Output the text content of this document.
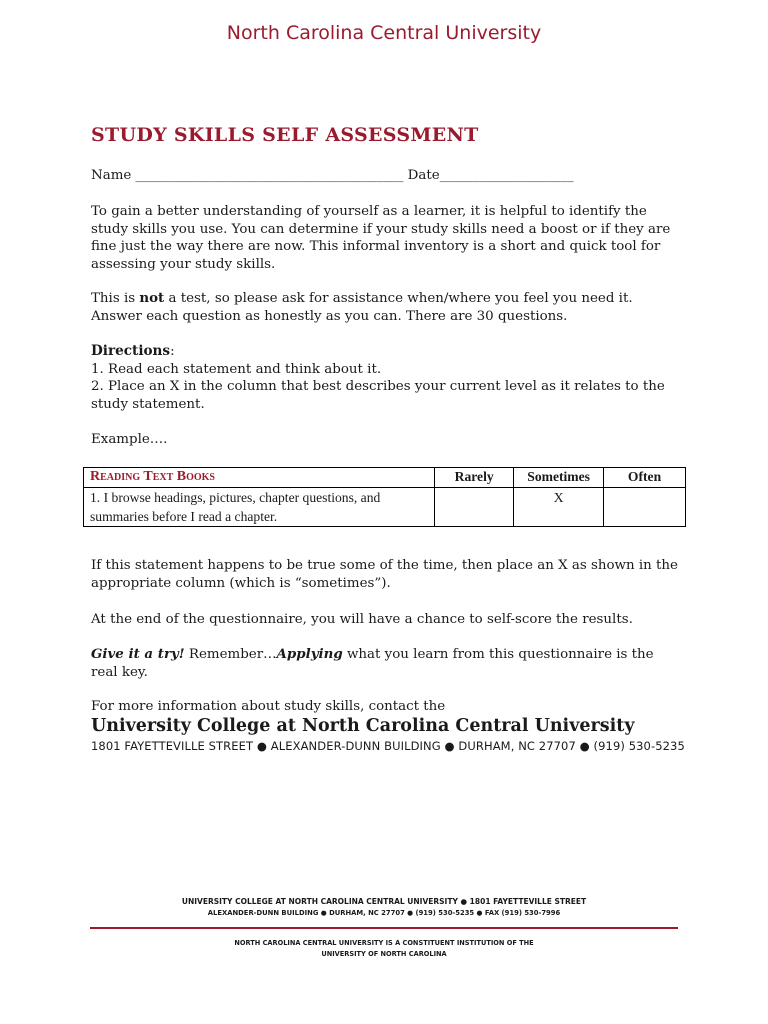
North Carolina Central University
STUDY SKILLS SELF ASSESSMENT
Name ________________________________________ Date____________________
To gain a better understanding of yourself as a learner, it is helpful to identify the study skills you use. You can determine if your study skills need a boost or if they are fine just the way there are now. This informal inventory is a short and quick tool for assessing your study skills.
This is not a test, so please ask for assistance when/where you feel you need it. Answer each question as honestly as you can. There are 30 questions.
Directions:
1. Read each statement and think about it.
2. Place an X in the column that best describes your current level as it relates to the study statement.
Example….
Reading Text Books	Rarely	Sometimes	Often
1. I browse headings, pictures, chapter questions, and summaries before I read a chapter.		X	
If this statement happens to be true some of the time, then place an X as shown in the appropriate column (which is “sometimes”).
At the end of the questionnaire, you will have a chance to self-score the results.
Give it a try! Remember…Applying what you learn from this questionnaire is the real key.
For more information about study skills, contact the
University College at North Carolina Central University
1801 FAYETTEVILLE STREET ● ALEXANDER-DUNN BUILDING ● DURHAM, NC 27707 ● (919) 530-5235
UNIVERSITY COLLEGE AT NORTH CAROLINA CENTRAL UNIVERSITY ● 1801 FAYETTEVILLE STREET
ALEXANDER-DUNN BUILDING ● DURHAM, NC 27707 ● (919) 530-5235 ● FAX (919) 530-7996
NORTH CAROLINA CENTRAL UNIVERSITY IS A CONSTITUENT INSTITUTION OF THE
UNIVERSITY OF NORTH CAROLINA
